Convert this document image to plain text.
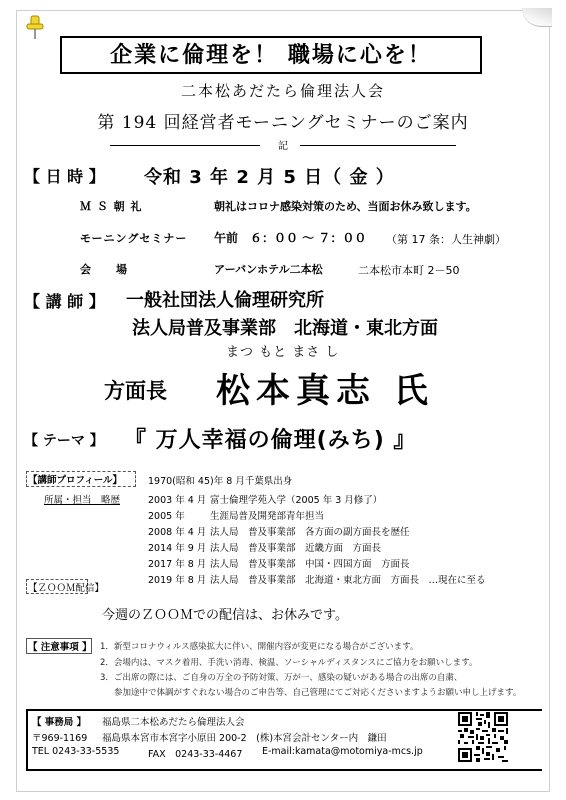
企業に倫理を！ 職場に心を！
二本松あだたら倫理法人会
第 194 回経営者モーニングセミナーのご案内
記
【 日 時 】 令和 3 年 2 月 5 日（ 金 ）
Ｍ Ｓ 朝 礼	朝礼はコロナ感染対策のため、当面お休み致します。
モーニングセミナー 午前　６：００ ～ ７：００ （第 17 条：人生神劇）
会　　場	アーバンホテル二本松	二本松市本町 2－50
【 講 師 】 一般社団法人倫理研究所
法人局普及事業部　北海道・東北方面
まつ もと まさ し
方面長 松本真志 氏
【 テーマ 】 『 万人幸福の倫理(みち) 』
【講師プロフィール】	1970(昭和 45)年 8 月千葉県出身
所属・担当　略歴	2003 年 4 月 富士倫理学苑入学（2005 年 3 月修了）
2005 年	生涯局普及開発部青年担当
2008 年 4 月 法人局　普及事業部　各方面の副方面長を歴任
2014 年 9 月 法人局　普及事業部　近畿方面　方面長
2017 年 8 月 法人局　普及事業部　中国・四国方面　方面長
2019 年 8 月 法人局　普及事業部　北海道・東北方面　方面長　…現在に至る
【ＺＯＯＭ配信】
今週のＺＯＯＭでの配信は、お休みです。
【 注意事項 】 1．新型コロナウィルス感染拡大に伴い、開催内容が変更になる場合がございます。
2．会場内は、マスク着用、手洗い消毒、検温、ソーシャルディスタンスにご協力をお願いします。
3．ご出席の際には、ご自身の万全の予防対策、万が一、感染の疑いがある場合の出席の自粛、
参加途中で体調がすぐれない場合のご申告等、自己管理にてご対応くださいますようお願い申し上げます。
【 事務局 】 福島県二本松あだたら倫理法人会
〒969-1169 福島県本宮市本宮字小原田 200-2　(株)本宮会計センター内　鎌田
TEL 0243-33-5535	FAX　0243-33-4467 E-mail:kamata@motomiya-mcs.jp
